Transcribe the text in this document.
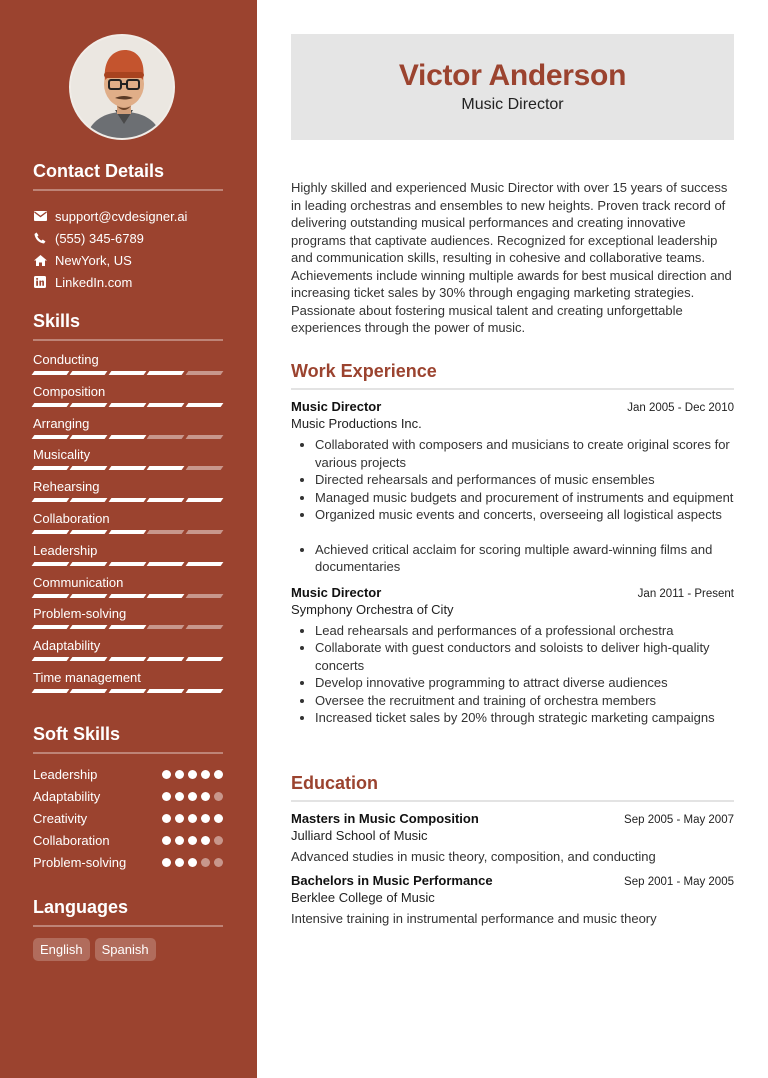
Contact Details
support@cvdesigner.ai
(555) 345-6789
NewYork, US
LinkedIn.com
Skills
Conducting
Composition
Arranging
Musicality
Rehearsing
Collaboration
Leadership
Communication
Problem-solving
Adaptability
Time management
Soft Skills
Leadership
Adaptability
Creativity
Collaboration
Problem-solving
Languages
English	Spanish
Victor Anderson
Music Director

Highly skilled and experienced Music Director with over 15 years of success in leading orchestras and ensembles to new heights. Proven track record of delivering outstanding musical performances and creating innovative programs that captivate audiences. Recognized for exceptional leadership and communication skills, resulting in cohesive and collaborative teams. Achievements include winning multiple awards for best musical direction and increasing ticket sales by 30% through engaging marketing strategies. Passionate about fostering musical talent and creating unforgettable experiences through the power of music.

Work Experience
Music Director	Jan 2005 - Dec 2010
Music Productions Inc.
• Collaborated with composers and musicians to create original scores for various projects
• Directed rehearsals and performances of music ensembles
• Managed music budgets and procurement of instruments and equipment
• Organized music events and concerts, overseeing all logistical aspects
• Achieved critical acclaim for scoring multiple award-winning films and documentaries
Music Director	Jan 2011 - Present
Symphony Orchestra of City
• Lead rehearsals and performances of a professional orchestra
• Collaborate with guest conductors and soloists to deliver high-quality concerts
• Develop innovative programming to attract diverse audiences
• Oversee the recruitment and training of orchestra members
• Increased ticket sales by 20% through strategic marketing campaigns
Education
Masters in Music Composition	Sep 2005 - May 2007
Julliard School of Music
Advanced studies in music theory, composition, and conducting
Bachelors in Music Performance	Sep 2001 - May 2005
Berklee College of Music
Intensive training in instrumental performance and music theory
